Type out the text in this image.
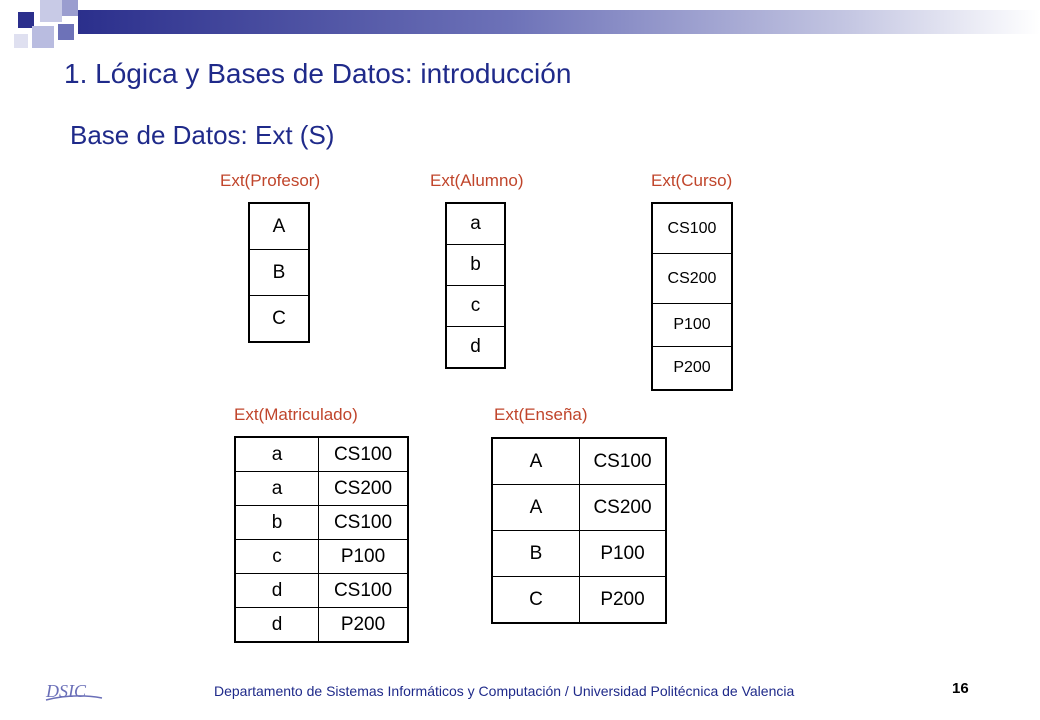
1. Lógica y Bases de Datos: introducción
Base de Datos: Ext (S)
Ext(Profesor)
A
B
C
Ext(Alumno)
a
b
c
d
Ext(Curso)
CS100
CS200
P100
P200
Ext(Matriculado)
a	CS100
a	CS200
b	CS100
c	P100
d	CS100
d	P200
Ext(Enseña)
A	CS100
A	CS200
B	P100
C	P200
DSIC	Departamento de Sistemas Informáticos y Computación / Universidad Politécnica de Valencia	16
